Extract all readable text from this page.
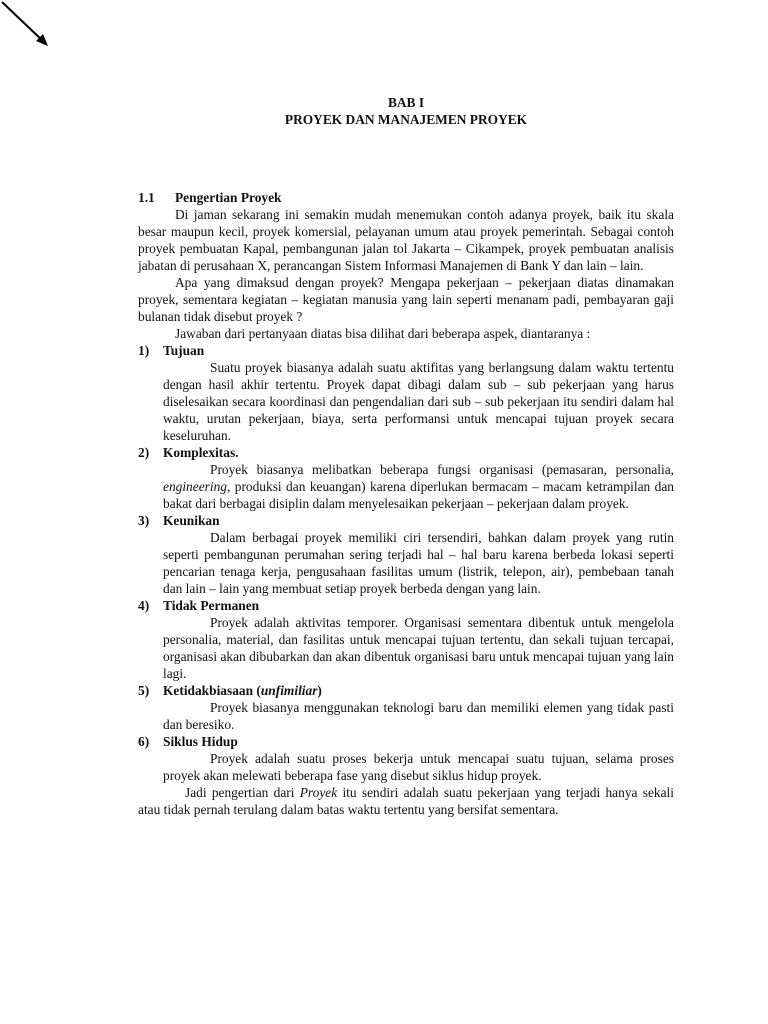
BAB I

PROYEK DAN MANAJEMEN PROYEK

1.1 Pengertian Proyek

Di jaman sekarang ini semakin mudah menemukan contoh adanya proyek, baik itu skala besar maupun kecil, proyek komersial, pelayanan umum atau proyek pemerintah. Sebagai contoh proyek pembuatan Kapal, pembangunan jalan tol Jakarta – Cikampek, proyek pembuatan analisis jabatan di perusahaan X, perancangan Sistem Informasi Manajemen di Bank Y dan lain – lain.

Apa yang dimaksud dengan proyek? Mengapa pekerjaan – pekerjaan diatas dinamakan proyek, sementara kegiatan – kegiatan manusia yang lain seperti menanam padi, pembayaran gaji bulanan tidak disebut proyek ?

Jawaban dari pertanyaan diatas bisa dilihat dari beberapa aspek, diantaranya :

1) Tujuan

Suatu proyek biasanya adalah suatu aktifitas yang berlangsung dalam waktu tertentu dengan hasil akhir tertentu. Proyek dapat dibagi dalam sub – sub pekerjaan yang harus diselesaikan secara koordinasi dan pengendalian dari sub – sub pekerjaan itu sendiri dalam hal waktu, urutan pekerjaan, biaya, serta performansi untuk mencapai tujuan proyek secara keseluruhan.

2) Komplexitas.

Proyek biasanya melibatkan beberapa fungsi organisasi (pemasaran, personalia, engineering, produksi dan keuangan) karena diperlukan bermacam – macam ketrampilan dan bakat dari berbagai disiplin dalam menyelesaikan pekerjaan – pekerjaan dalam proyek.

3) Keunikan

Dalam berbagai proyek memiliki ciri tersendiri, bahkan dalam proyek yang rutin seperti pembangunan perumahan sering terjadi hal – hal baru karena berbeda lokasi seperti pencarian tenaga kerja, pengusahaan fasilitas umum (listrik, telepon, air), pembebaan tanah dan lain – lain yang membuat setiap proyek berbeda dengan yang lain.

4) Tidak Permanen

Proyek adalah aktivitas temporer. Organisasi sementara dibentuk untuk mengelola personalia, material, dan fasilitas untuk mencapai tujuan tertentu, dan sekali tujuan tercapai, organisasi akan dibubarkan dan akan dibentuk organisasi baru untuk mencapai tujuan yang lain lagi.

5) Ketidakbiasaan (unfimiliar)

Proyek biasanya menggunakan teknologi baru dan memiliki elemen yang tidak pasti dan beresiko.

6) Siklus Hidup

Proyek adalah suatu proses bekerja untuk mencapai suatu tujuan, selama proses proyek akan melewati beberapa fase yang disebut siklus hidup proyek.

Jadi pengertian dari Proyek itu sendiri adalah suatu pekerjaan yang terjadi hanya sekali atau tidak pernah terulang dalam batas waktu tertentu yang bersifat sementara.
